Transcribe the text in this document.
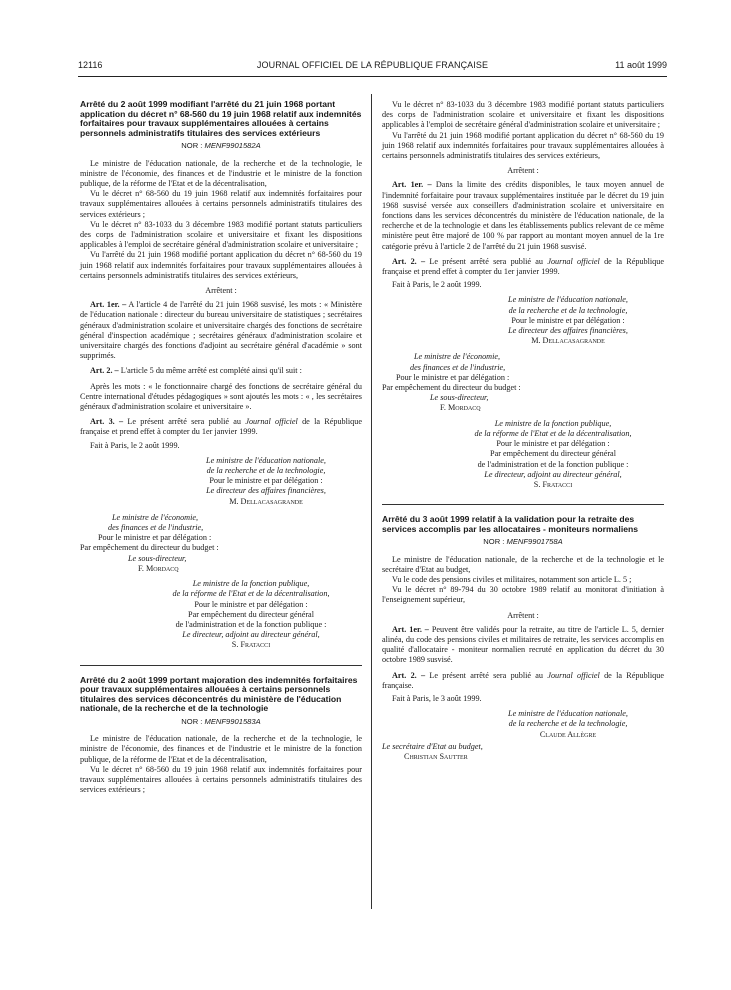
12116	JOURNAL OFFICIEL DE LA RÉPUBLIQUE FRANÇAISE	11 août 1999
Arrêté du 2 août 1999 modifiant l'arrêté du 21 juin 1968 portant application du décret n° 68-560 du 19 juin 1968 relatif aux indemnités forfaitaires pour travaux supplémentaires allouées à certains personnels administratifs titulaires des services extérieurs
NOR : MENF9901582A

Le ministre de l'éducation nationale, de la recherche et de la technologie, le ministre de l'économie, des finances et de l'industrie et le ministre de la fonction publique, de la réforme de l'Etat et de la décentralisation,

Vu le décret n° 68-560 du 19 juin 1968 relatif aux indemnités forfaitaires pour travaux supplémentaires allouées à certains personnels administratifs titulaires des services extérieurs ;

Vu le décret n° 83-1033 du 3 décembre 1983 modifié portant statuts particuliers des corps de l'administration scolaire et universitaire et fixant les dispositions applicables à l'emploi de secrétaire général d'administration scolaire et universitaire ;

Vu l'arrêté du 21 juin 1968 modifié portant application du décret n° 68-560 du 19 juin 1968 relatif aux indemnités forfaitaires pour travaux supplémentaires allouées à certains personnels administratifs titulaires des services extérieurs,

Arrêtent :

Art. 1er. – A l'article 4 de l'arrêté du 21 juin 1968 susvisé, les mots : « Ministère de l'éducation nationale : directeur du bureau universitaire de statistiques ; secrétaires généraux d'administration scolaire et universitaire chargés des fonctions de secrétaire général d'inspection académique ; secrétaires généraux d'administration scolaire et universitaire chargés des fonctions d'adjoint au secrétaire général d'académie » sont supprimés.

Art. 2. – L'article 5 du même arrêté est complété ainsi qu'il suit :

Après les mots : « le fonctionnaire chargé des fonctions de secrétaire général du Centre international d'études pédagogiques » sont ajoutés les mots : « , les secrétaires généraux d'administration scolaire et universitaire ».

Art. 3. – Le présent arrêté sera publié au Journal officiel de la République française et prend effet à compter du 1er janvier 1999.

Fait à Paris, le 2 août 1999.

Le ministre de l'éducation nationale,
de la recherche et de la technologie,
Pour le ministre et par délégation :
Le directeur des affaires financières,
M. Dellacasagrande
Le ministre de l'économie,
des finances et de l'industrie,
Pour le ministre et par délégation :
Par empêchement du directeur du budget :
Le sous-directeur,
F. Mordacq
Le ministre de la fonction publique,
de la réforme de l'Etat et de la décentralisation,
Pour le ministre et par délégation :
Par empêchement du directeur général
de l'administration et de la fonction publique :
Le directeur, adjoint au directeur général,
S. Fratacci
Arrêté du 2 août 1999 portant majoration des indemnités forfaitaires pour travaux supplémentaires allouées à certains personnels titulaires des services déconcentrés du ministère de l'éducation nationale, de la recherche et de la technologie
NOR : MENF9901583A

Le ministre de l'éducation nationale, de la recherche et de la technologie, le ministre de l'économie, des finances et de l'industrie et le ministre de la fonction publique, de la réforme de l'Etat et de la décentralisation,

Vu le décret n° 68-560 du 19 juin 1968 relatif aux indemnités forfaitaires pour travaux supplémentaires allouées à certains personnels administratifs titulaires des services extérieurs ;

Vu le décret n° 83-1033 du 3 décembre 1983 modifié portant statuts particuliers des corps de l'administration scolaire et universitaire et fixant les dispositions applicables à l'emploi de secrétaire général d'administration scolaire et universitaire ;

Vu l'arrêté du 21 juin 1968 modifié portant application du décret n° 68-560 du 19 juin 1968 relatif aux indemnités forfaitaires pour travaux supplémentaires allouées à certains personnels administratifs titulaires des services extérieurs,

Arrêtent :

Art. 1er. – Dans la limite des crédits disponibles, le taux moyen annuel de l'indemnité forfaitaire pour travaux supplémentaires instituée par le décret du 19 juin 1968 susvisé versée aux conseillers d'administration scolaire et universitaire en fonctions dans les services déconcentrés du ministère de l'éducation nationale, de la recherche et de la technologie et dans les établissements publics relevant de ce même ministère peut être majoré de 100 % par rapport au montant moyen annuel de la 1re catégorie prévu à l'article 2 de l'arrêté du 21 juin 1968 susvisé.

Art. 2. – Le présent arrêté sera publié au Journal officiel de la République française et prend effet à compter du 1er janvier 1999.

Fait à Paris, le 2 août 1999.

Le ministre de l'éducation nationale,
de la recherche et de la technologie,
Pour le ministre et par délégation :
Le directeur des affaires financières,
M. Dellacasagrande
Le ministre de l'économie,
des finances et de l'industrie,
Pour le ministre et par délégation :
Par empêchement du directeur du budget :
Le sous-directeur,
F. Mordacq
Le ministre de la fonction publique,
de la réforme de l'Etat et de la décentralisation,
Pour le ministre et par délégation :
Par empêchement du directeur général
de l'administration et de la fonction publique :
Le directeur, adjoint au directeur général,
S. Fratacci
Arrêté du 3 août 1999 relatif à la validation pour la retraite des services accomplis par les allocataires - moniteurs normaliens
NOR : MENF9901758A

Le ministre de l'éducation nationale, de la recherche et de la technologie et le secrétaire d'Etat au budget,

Vu le code des pensions civiles et militaires, notamment son article L. 5 ;

Vu le décret n° 89-794 du 30 octobre 1989 relatif au monitorat d'initiation à l'enseignement supérieur,

Arrêtent :

Art. 1er. – Peuvent être validés pour la retraite, au titre de l'article L. 5, dernier alinéa, du code des pensions civiles et militaires de retraite, les services accomplis en qualité d'allocataire - moniteur normalien recruté en application du décret du 30 octobre 1989 susvisé.

Art. 2. – Le présent arrêté sera publié au Journal officiel de la République française.

Fait à Paris, le 3 août 1999.

Le ministre de l'éducation nationale,
de la recherche et de la technologie,
Claude Allègre
Le secrétaire d'Etat au budget,
Christian Sautter
